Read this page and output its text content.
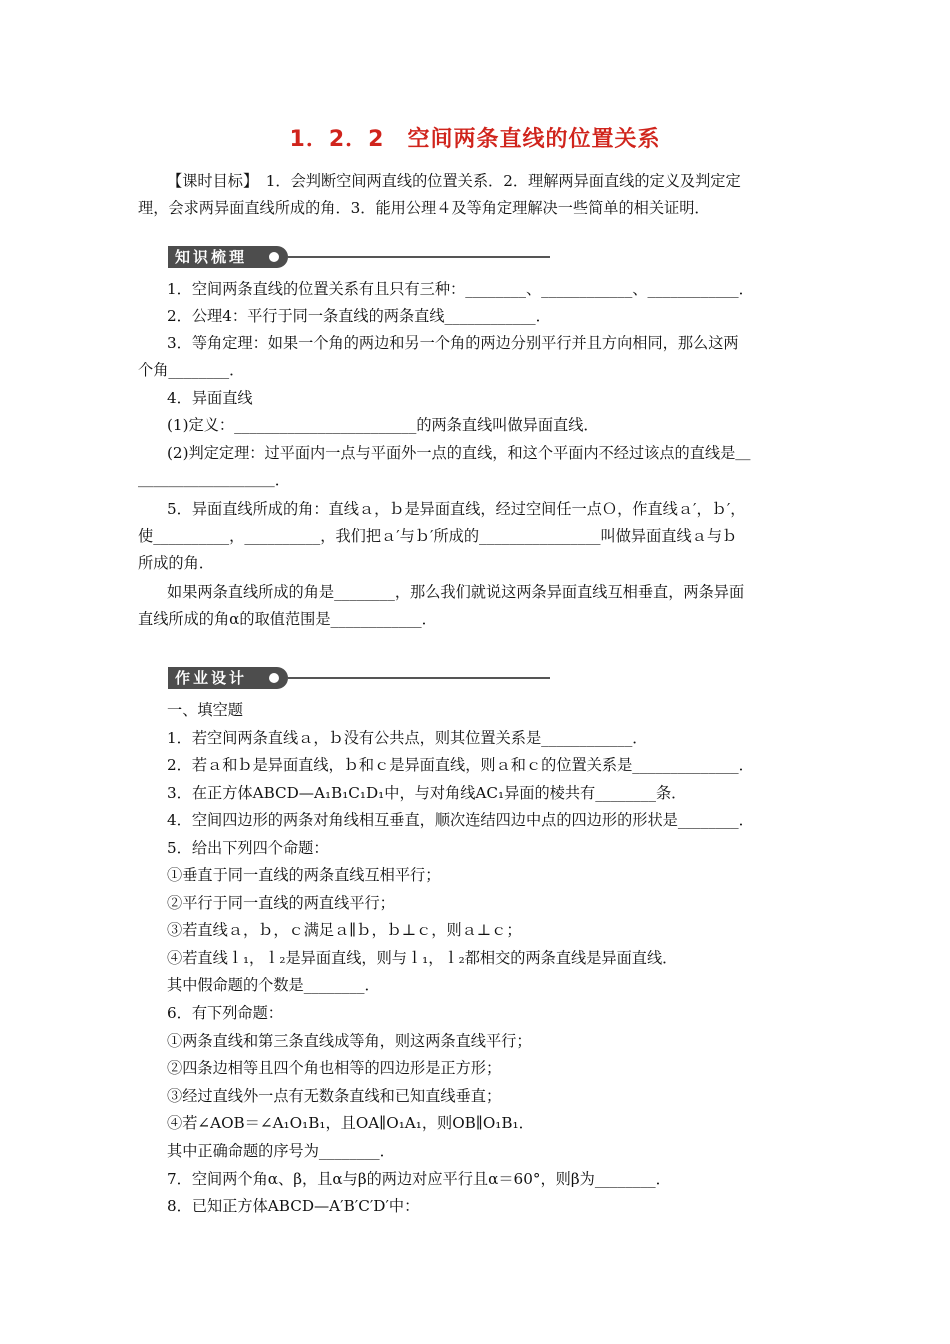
1．2．2　空间两条直线的位置关系

【课时目标】　1．会判断空间两直线的位置关系．2．理解两异面直线的定义及判定定

理，会求两异面直线所成的角．3．能用公理４及等角定理解决一些简单的相关证明．

知识梳理

1．空间两条直线的位置关系有且只有三种：________、____________、____________．

2．公理4：平行于同一条直线的两条直线____________．

3．等角定理：如果一个角的两边和另一个角的两边分别平行并且方向相同，那么这两

个角________．

4．异面直线

(1)定义：________________________的两条直线叫做异面直线．

(2)判定定理：过平面内一点与平面外一点的直线，和这个平面内不经过该点的直线是＿

＿＿＿＿＿＿＿＿＿．

5．异面直线所成的角：直线ａ，ｂ是异面直线，经过空间任一点Ｏ，作直线ａ′，ｂ′，

使__________，__________，我们把ａ′与ｂ′所成的________________叫做异面直线ａ与ｂ

所成的角．

如果两条直线所成的角是________，那么我们就说这两条异面直线互相垂直，两条异面

直线所成的角α的取值范围是____________．

作业设计

一、填空题

1．若空间两条直线ａ，ｂ没有公共点，则其位置关系是____________．

2．若ａ和ｂ是异面直线，ｂ和ｃ是异面直线，则ａ和ｃ的位置关系是______________．

3．在正方体ABCD—A₁B₁C₁D₁中，与对角线AC₁异面的棱共有________条．

4．空间四边形的两条对角线相互垂直，顺次连结四边中点的四边形的形状是________．

5．给出下列四个命题：

①垂直于同一直线的两条直线互相平行；

②平行于同一直线的两直线平行；

③若直线ａ，ｂ，ｃ满足ａ∥ｂ，ｂ⊥ｃ，则ａ⊥ｃ；

④若直线ｌ₁，ｌ₂是异面直线，则与ｌ₁，ｌ₂都相交的两条直线是异面直线．

其中假命题的个数是________．

6．有下列命题：

①两条直线和第三条直线成等角，则这两条直线平行；

②四条边相等且四个角也相等的四边形是正方形；

③经过直线外一点有无数条直线和已知直线垂直；

④若∠AOB＝∠A₁O₁B₁，且OA∥O₁A₁，则OB∥O₁B₁．

其中正确命题的序号为________．

7．空间两个角α、β，且α与β的两边对应平行且α＝60°，则β为________．

8．已知正方体ABCD—A′B′C′D′中：
